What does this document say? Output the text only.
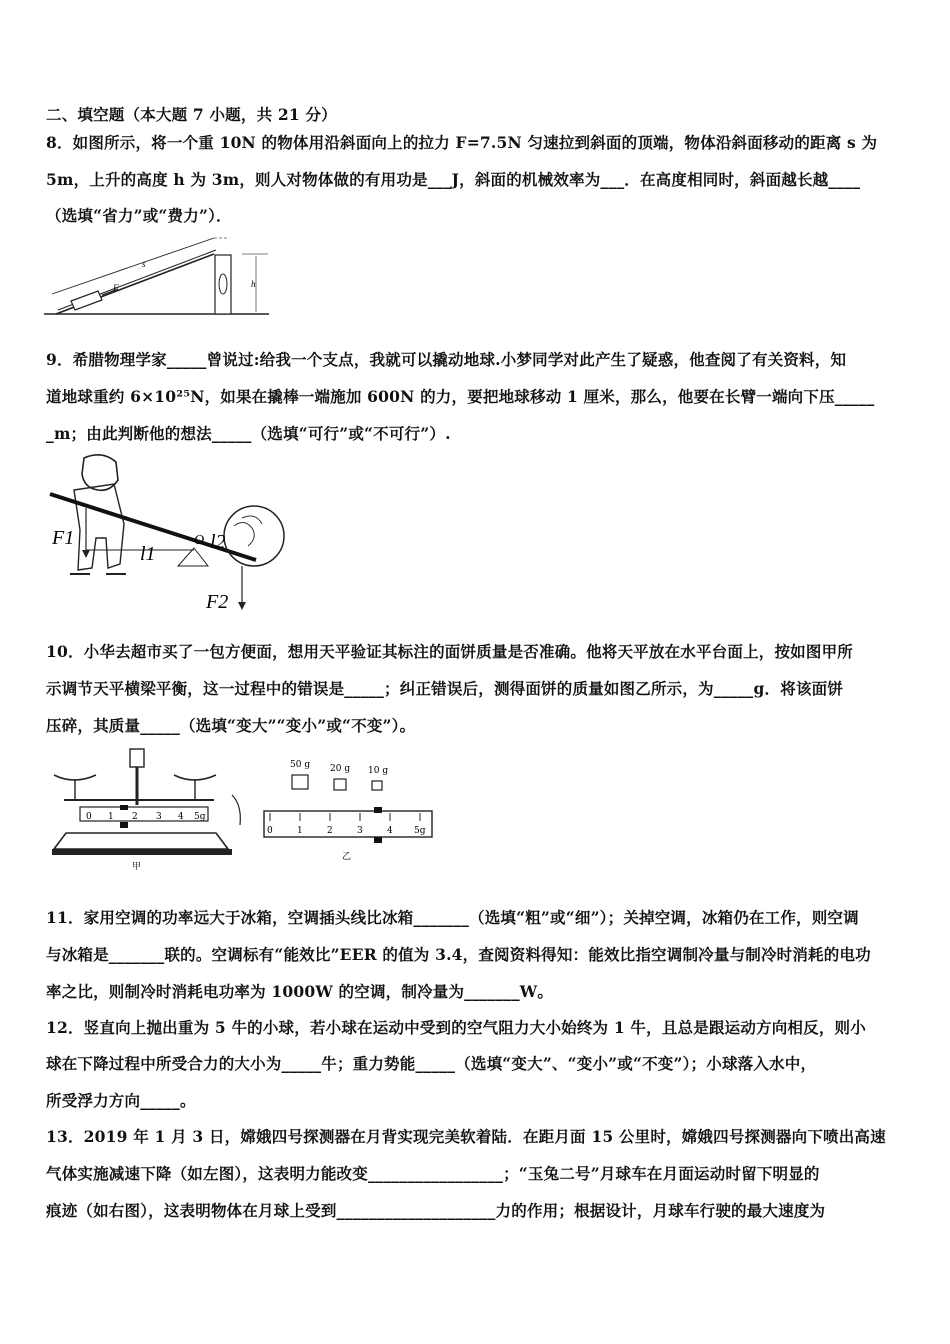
二、填空题（本大题 7 小题，共 21 分）
8．如图所示，将一个重 10N 的物体用沿斜面向上的拉力 F=7.5N 匀速拉到斜面的顶端，物体沿斜面移动的距离 s 为
5m，上升的高度 h 为 3m，则人对物体做的有用功是___J，斜面的机械效率为___．在高度相同时，斜面越长越____
（选填“省力”或“费力”）．
s
F	h
9．希腊物理学家_____曾说过:给我一个支点，我就可以撬动地球.小梦同学对此产生了疑惑，他查阅了有关资料，知
道地球重约 6×10²⁵N，如果在撬棒一端施加 600N 的力，要把地球移动 1 厘米，那么，他要在长臂一端向下压_____
_m；由此判断他的想法_____（选填“可行”或“不可行”）.
F1
l1
O l2
F2
10．小华去超市买了一包方便面，想用天平验证其标注的面饼质量是否准确。他将天平放在水平台面上，按如图甲所
示调节天平横梁平衡，这一过程中的错误是_____；纠正错误后，测得面饼的质量如图乙所示，为_____g．将该面饼
压碎，其质量_____（选填“变大”“变小”或“不变”）。
0 1 2 3 4 5g
甲
50 g 20 g 10 g
0	1	2	3	4 5g
乙
11．家用空调的功率远大于冰箱，空调插头线比冰箱_______（选填“粗”或“细”）；关掉空调，冰箱仍在工作，则空调
与冰箱是_______联的。空调标有“能效比”EER 的值为 3.4，查阅资料得知：能效比指空调制冷量与制冷时消耗的电功
率之比，则制冷时消耗电功率为 1000W 的空调，制冷量为_______W。
12．竖直向上抛出重为 5 牛的小球，若小球在运动中受到的空气阻力大小始终为 1 牛，且总是跟运动方向相反，则小
球在下降过程中所受合力的大小为_____牛；重力势能_____（选填“变大”、“变小”或“不变”）；小球落入水中，
所受浮力方向_____。
13．2019 年 1 月 3 日，嫦娥四号探测器在月背实现完美软着陆．在距月面 15 公里时，嫦娥四号探测器向下喷出高速
气体实施减速下降（如左图），这表明力能改变_________________；“玉兔二号”月球车在月面运动时留下明显的
痕迹（如右图），这表明物体在月球上受到____________________力的作用；根据设计，月球车行驶的最大速度为
